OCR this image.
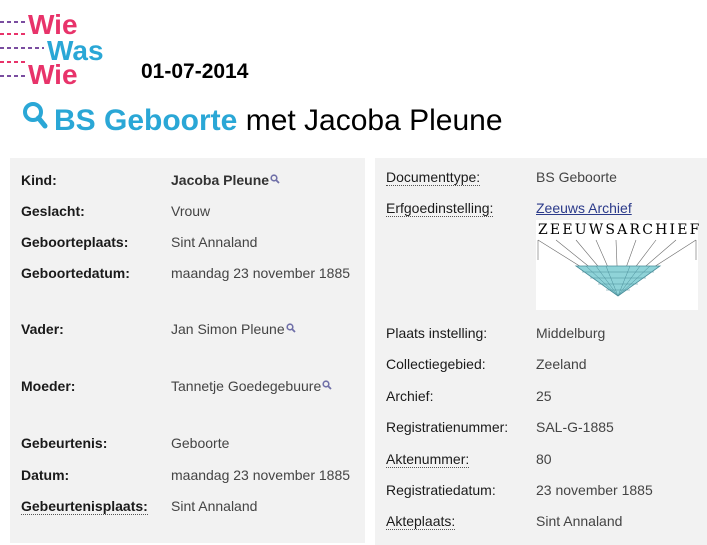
Wie
Was
Wie	01-07-2014
BS Geboorte met Jacoba Pleune
Kind:	Jacoba Pleune
Geslacht:	Vrouw
Geboorteplaats:	Sint Annaland
Geboortedatum:	maandag 23 november 1885
Vader:	Jan Simon Pleune
Moeder:	Tannetje Goedegebuure
Gebeurtenis:	Geboorte
Datum:	maandag 23 november 1885
Gebeurtenisplaats: Sint Annaland
Documenttype:	BS Geboorte
Erfgoedinstelling:	Zeeuws Archief
ZEEUWSARCHIEF
Plaats instelling:	Middelburg
Collectiegebied:	Zeeland
Archief:	25
Registratienummer: SAL-G-1885
Aktenummer:	80
Registratiedatum:	23 november 1885
Akteplaats:	Sint Annaland
